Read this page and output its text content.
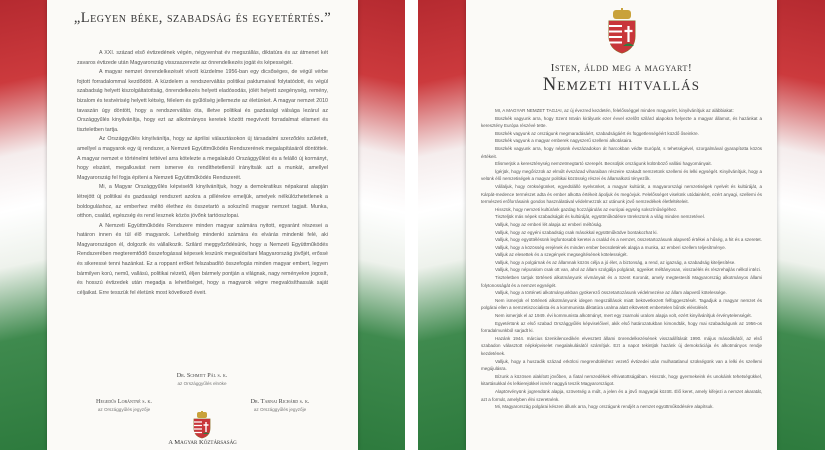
„Legyen béke, szabadság és egyetértés.”

A XXI. század első évtizedének végén, négyvenhat év megszállás, diktatúra és az átmenet két zavaros évtizede után Magyarország visszaszerezte az önrendelkezés jogát és képességét.

A magyar nemzet önrendelkezését vívott küzdelme 1956-ban egy dicsőséges, de végül vérbe fojtott forradalommal kezdődött. A küzdelem a rendszerváltás politikai paktumaival folytatódott, és végül szabadság helyett kiszolgáltatottság, önrendelkezés helyett eladósodás, jólét helyett szegénység, remény, bizalom és testvériség helyett kétség, félelem és gyűlölség jellemezte az életünket. A magyar nemzet 2010 tavaszán úgy döntött, hogy a rendszerváltás óta, illetve politikai és gazdasági válsága lezárul az Országgyűlés kinyilvánítja, hogy ezt az alkotmányos keretek között megvívott forradalmat elismeri és tiszteletben tartja.

Az Országgyűlés kinyilvánítja, hogy az áprilisi választásokon új társadalmi szerződés született, amellyel a magyarok egy új rendszer, a Nemzeti Együttműködés Rendszerének megalapításáról döntöttek. A magyar nemzet e történelmi tettével arra kötelezte a megalakuló Országgyűlést és a felálló új kormányt, hogy elszánt, megalkuvást nem ismerve és rendíthetetlenül irányítsák azt a munkát, amellyel Magyarország fel fogja építeni a Nemzeti Együttműködés Rendszerét.

Mi, a Magyar Országgyűlés képviselői kinyilvánítjuk, hogy a demokratikus népakarat alapján létrejött új politikai és gazdasági rendszert azokra a pillérekre emeljük, amelyek nélkülözhetetlenek a boldoguláshoz, az emberhez méltó élethez és összetartó a sokszínű magyar nemzet tagjait. Munka, otthon, család, egészség és rend lesznek közös jövőnk tartóoszlopai.

A Nemzeti Együttműködés Rendszere minden magyar számára nyitott, egyaránt részesei a határon innen és túl élő magyarok. Lehetőség mindenki számára és elvárás mindenki felé, aki Magyarországon él, dolgozik és vállalkozik. Szilárd meggyőződésünk, hogy a Nemzeti Együttműködés Rendszerében megteremtődő összefogással képesek leszünk megvalósítani Magyarország jövőjét, erőssé és sikeressé tenni hazánkat. Ez a roppant erőket felszabadító összefogás minden magyar embert, legyen bármilyen korú, nemű, vallású, politikai nézetű, éljen bármely pontján a világnak, nagy reményekre jogosít, és hosszú évtizedek után megadja a lehetőséget, hogy a magyarok végre megvalósíthassák saját céljaikat. Erre tesszük fel életünk most következő éveit.

Dr. Schmitt Pál s. k.
az Országgyűlés elnöke
Hegedűs Lorántné s. k.
az Országgyűlés jegyzője
Dr. Tarnai Richárd s. k.
az Országgyűlés jegyzője
A Magyar Köztársaság
Isten, áldd meg a magyart!
Nemzeti hitvallás

MI, A MAGYAR NEMZET TAGJAI, az új évezred kezdetén, felelősséggel minden magyarért, kinyilvánítjuk az alábbiakat:

Büszkék vagyunk arra, hogy Szent István királyunk ezer évvel ezelőtt szilárd alapokra helyezte a magyar államot, és hazánkat a keresztény Európa részévé tette.

Büszkék vagyunk az országunk megmaradásáért, szabadságáért és függetlenségéért küzdő őseinkre.

Büszkék vagyunk a magyar emberek nagyszerű szellemi alkotásaira.

Büszkék vagyunk arra, hogy népünk évszázadokon át harcokban védte Európát, s tehetségével, szorgalmával gyarapította közös értékeit.

Elismerjük a kereszténység nemzetmegtartó szerepét. Becsüljük országunk különböző vallási hagyományait.

Ígérjük, hogy megőrizzük az elmúlt évszázad viharaiban részeire szakadt nemzetünk szellemi és lelki egységét. Kinyilvánítjuk, hogy a velünk élő nemzetiségek a magyar politikai közösség részei és államalkotó tényezők.

Vállaljuk, hogy örökségünket, egyedülálló nyelvünket, a magyar kultúrát, a magyarországi nemzetiségek nyelvét és kultúráját, a Kárpát-medence természet adta és ember alkotta értékeit ápoljuk és megóvjuk. Felelősséget viselünk utódainkért, ezért anyagi, szellemi és természeti erőforrásaink gondos használatával védelmezzük az utánunk jövő nemzedékek életfeltételeit.

Hisszük, hogy nemzeti kultúránk gazdag hozzájárulás az európai egység sokszínűségéhez.

Tiszteljük más népek szabadságát és kultúráját, együttműködésre törekszünk a világ minden nemzetével.

Valljuk, hogy az emberi lét alapja az emberi méltóság.

Valljuk, hogy az egyéni szabadság csak másokkal együttműködve bontakozhat ki.

Valljuk, hogy együttélésünk legfontosabb keretei a család és a nemzet, összetartozásunk alapvető értékei a hűség, a hit és a szeretet.

Valljuk, hogy a közösség erejének és minden ember becsületének alapja a munka, az emberi szellem teljesítménye.

Valljuk az elesettek és a szegények megsegítésének kötelességét.

Valljuk, hogy a polgárnak és az államnak közös célja a jó élet, a biztonság, a rend, az igazság, a szabadság kiteljesítése.

Valljuk, hogy népuralom csak ott van, ahol az állam szolgálja polgárait, ügyeiket méltányosan, visszaélés és részrehajlás nélkül intézi.

Tiszteletben tartjuk történeti alkotmányunk vívmányait és a Szent Koronát, amely megtestesíti Magyarország alkotmányos állami folytonosságát és a nemzet egységét.

Valljuk, hogy a történeti alkotmányunkban gyökerező összetartozásunk védelmezése az állam alapvető kötelessége.

Nem ismerjük el történeti alkotmányunk idegen megszállások miatt bekövetkezett felfüggesztését. Tagadjuk a magyar nemzet és polgárai ellen a nemzetiszocialista és a kommunista diktatúra uralma alatt elkövetett embertelen bűnök elévülését.

Nem ismerjük el az 1949. évi kommunista alkotmányt, mert egy zsarnoki uralom alapja volt, ezért kinyilvánítjuk érvénytelenségét.

Egyetértünk az első szabad Országgyűlés képviselőivel, akik első határozatukban kimondták, hogy mai szabadságunk az 1956-os forradalmunkból sarjadt ki.

Hazánk 1944. március tizenkilencedikén elvesztett állami önrendelkezésének visszaállítását 1990. május másodikától, az első szabadon választott népképviselet megalakulásától számítjuk. Ezt a napot tekintjük hazánk új demokráciája és alkotmányos rendje kezdetének.

Valljuk, hogy a huszadik század erkölcsi megrendüléshez vezető évtizedei után mulhatatlanul szükségünk van a lelki és szellemi megújulásra.

Bízunk a közösen alakított jövőben, a fiatal nemzedékek elhivatottságában. Hisszük, hogy gyermekeink és unokáink tehetségükkel, kitartásukkal és lelkierejükkel ismét naggyá teszik Magyarországot.

Alaptörvényünk jogrendünk alapja, szövetség a múlt, a jelen és a jövő magyarjai között. Élő keret, amely kifejezi a nemzet akaratát, azt a formát, amelyben élni szeretnénk.

Mi, Magyarország polgárai készen állunk arra, hogy országunk rendjét a nemzet együttműködésére alapítsuk.
